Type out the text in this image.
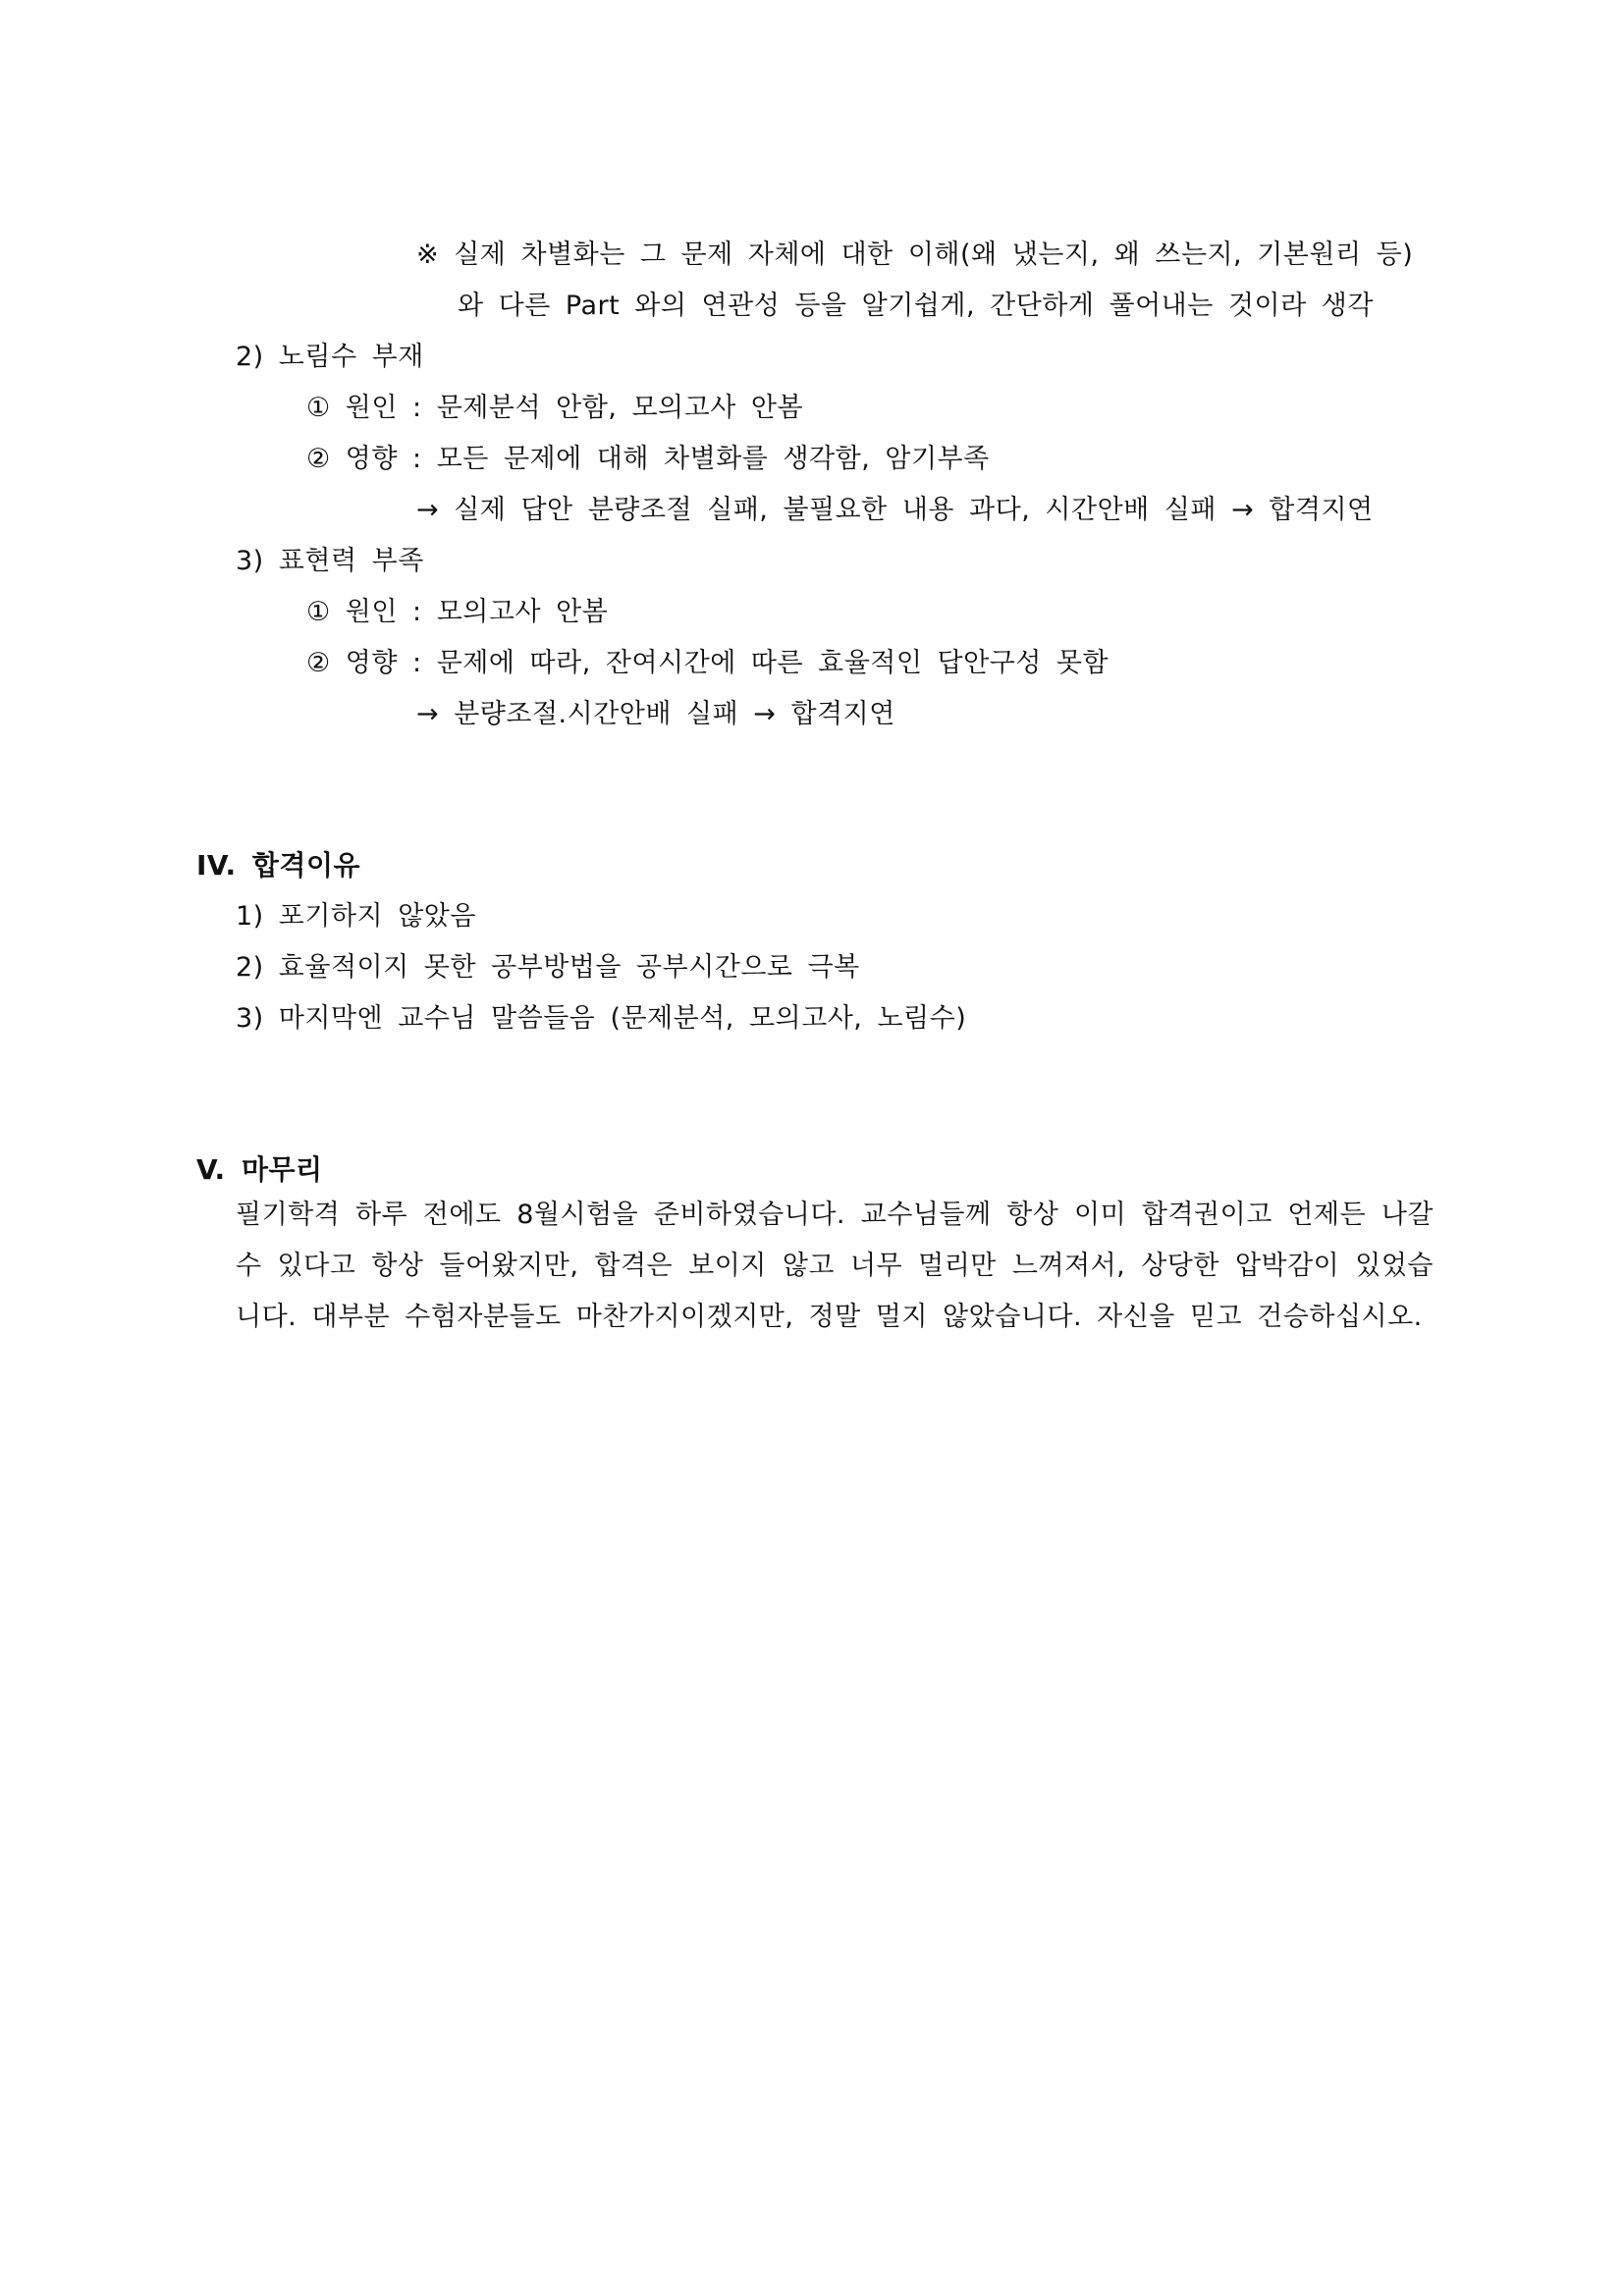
※ 실제 차별화는 그 문제 자체에 대한 이해(왜 냈는지, 왜 쓰는지, 기본원리 등)
와 다른 Part 와의 연관성 등을 알기쉽게, 간단하게 풀어내는 것이라 생각
2) 노림수 부재
① 원인 : 문제분석 안함, 모의고사 안봄
② 영향 : 모든 문제에 대해 차별화를 생각함, 암기부족
→ 실제 답안 분량조절 실패, 불필요한 내용 과다, 시간안배 실패 → 합격지연
3) 표현력 부족
① 원인 : 모의고사 안봄
② 영향 : 문제에 따라, 잔여시간에 따른 효율적인 답안구성 못함
→ 분량조절.시간안배 실패 → 합격지연
IV. 합격이유
1) 포기하지 않았음
2) 효율적이지 못한 공부방법을 공부시간으로 극복
3) 마지막엔 교수님 말씀들음 (문제분석, 모의고사, 노림수)
V. 마무리
필기학격 하루 전에도 8월시험을 준비하였습니다. 교수님들께 항상 이미 합격권이고 언제든 나갈 수 있다고 항상 들어왔지만, 합격은 보이지 않고 너무 멀리만 느껴져서, 상당한 압박감이 있었습니다. 대부분 수험자분들도 마찬가지이겠지만, 정말 멀지 않았습니다. 자신을 믿고 건승하십시오.
